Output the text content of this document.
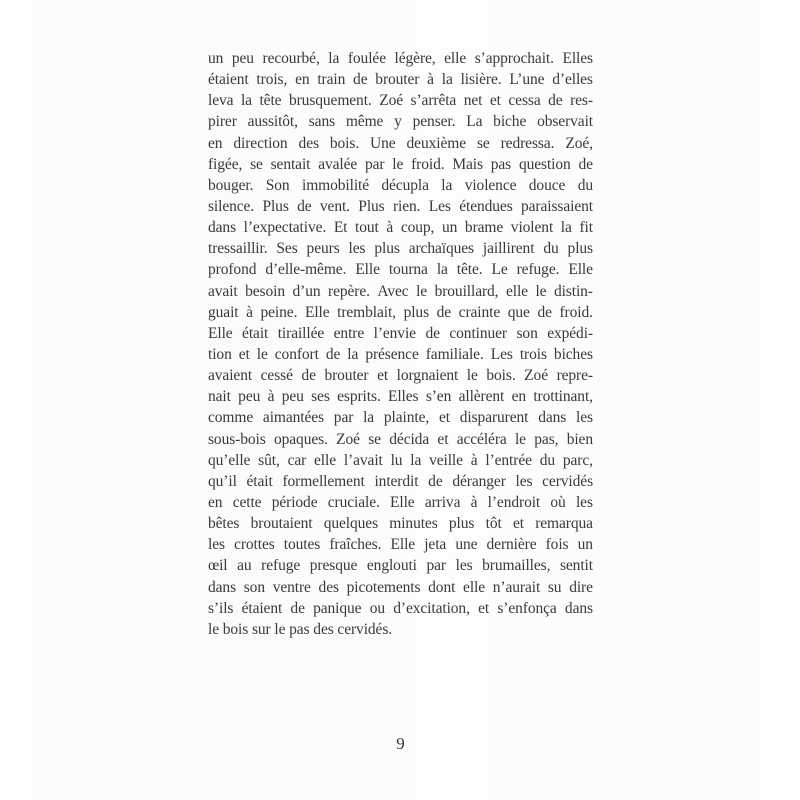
un peu recourbé, la foulée légère, elle s’approchait. Elles
étaient trois, en train de brouter à la lisière. L’une d’elles
leva la tête brusquement. Zoé s’arrêta net et cessa de res-
pirer aussitôt, sans même y penser. La biche observait
en direction des bois. Une deuxième se redressa. Zoé,
figée, se sentait avalée par le froid. Mais pas question de
bouger. Son immobilité décupla la violence douce du
silence. Plus de vent. Plus rien. Les étendues paraissaient
dans l’expectative. Et tout à coup, un brame violent la fit
tressaillir. Ses peurs les plus archaïques jaillirent du plus
profond d’elle-même. Elle tourna la tête. Le refuge. Elle
avait besoin d’un repère. Avec le brouillard, elle le distin-
guait à peine. Elle tremblait, plus de crainte que de froid.
Elle était tiraillée entre l’envie de continuer son expédi-
tion et le confort de la présence familiale. Les trois biches
avaient cessé de brouter et lorgnaient le bois. Zoé repre-
nait peu à peu ses esprits. Elles s’en allèrent en trottinant,
comme aimantées par la plainte, et disparurent dans les
sous-bois opaques. Zoé se décida et accéléra le pas, bien
qu’elle sût, car elle l’avait lu la veille à l’entrée du parc,
qu’il était formellement interdit de déranger les cervidés
en cette période cruciale. Elle arriva à l’endroit où les
bêtes broutaient quelques minutes plus tôt et remarqua
les crottes toutes fraîches. Elle jeta une dernière fois un
œil au refuge presque englouti par les brumailles, sentit
dans son ventre des picotements dont elle n’aurait su dire
s’ils étaient de panique ou d’excitation, et s’enfonça dans
le bois sur le pas des cervidés.
9
